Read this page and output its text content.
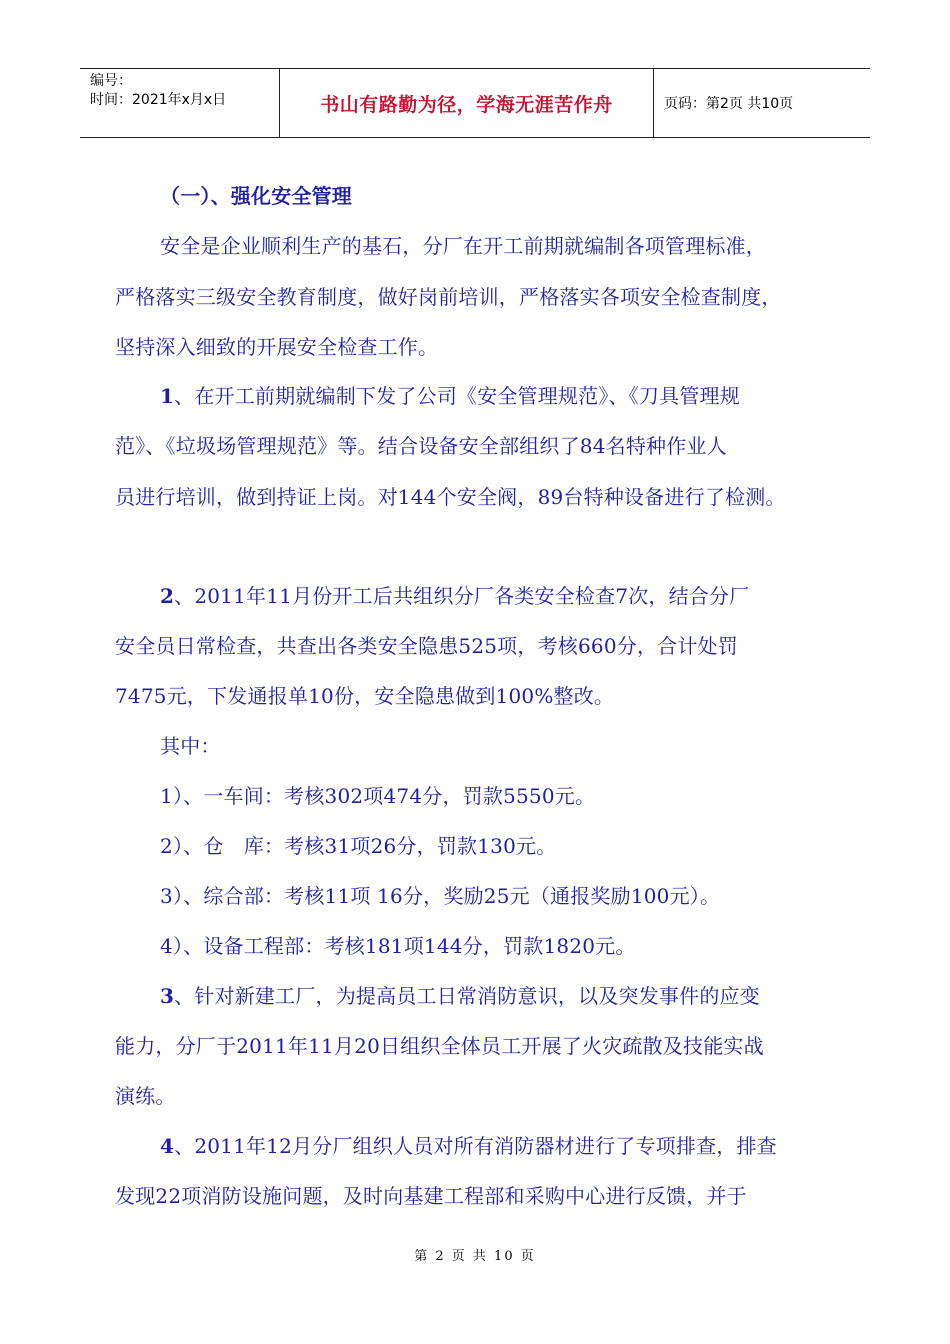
编号：
时间：2021年x月x日	书山有路勤为径，学海无涯苦作舟	页码：第2页 共10页
（一）、强化安全管理
安全是企业顺利生产的基石，分厂在开工前期就编制各项管理标准，
严格落实三级安全教育制度，做好岗前培训，严格落实各项安全检查制度，
坚持深入细致的开展安全检查工作。
1、在开工前期就编制下发了公司《安全管理规范》、《刀具管理规
范》、《垃圾场管理规范》等。结合设备安全部组织了84名特种作业人
员进行培训，做到持证上岗。对144个安全阀，89台特种设备进行了检测。
2、2011年11月份开工后共组织分厂各类安全检查7次，结合分厂
安全员日常检查，共查出各类安全隐患525项，考核660分，合计处罚
7475元，下发通报单10份，安全隐患做到100%整改。
其中：
1）、一车间：考核302项474分，罚款5550元。
2）、仓　库：考核31项26分，罚款130元。
3）、综合部：考核11项 16分，奖励25元（通报奖励100元）。
4）、设备工程部：考核181项144分，罚款1820元。
3、针对新建工厂，为提高员工日常消防意识，以及突发事件的应变
能力，分厂于2011年11月20日组织全体员工开展了火灾疏散及技能实战
演练。
4、2011年12月分厂组织人员对所有消防器材进行了专项排查，排查
发现22项消防设施问题，及时向基建工程部和采购中心进行反馈，并于
第 2 页 共 10 页
